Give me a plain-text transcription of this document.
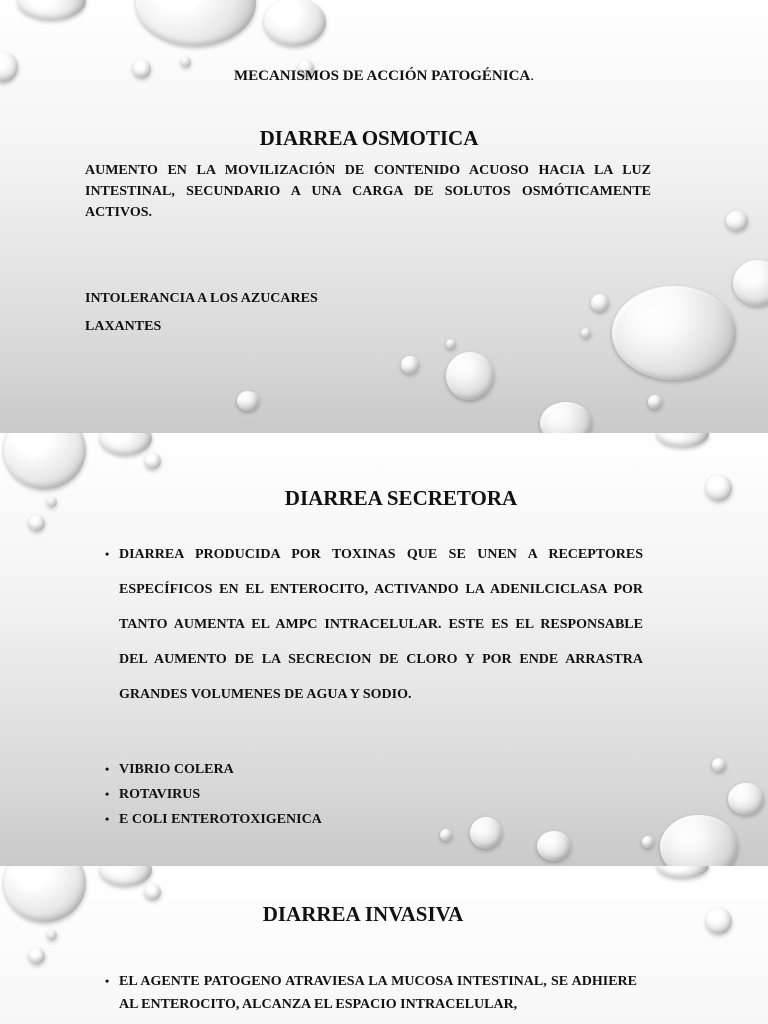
MECANISMOS DE ACCIÓN PATOGÉNICA.
DIARREA OSMOTICA
AUMENTO EN LA MOVILIZACIÓN DE CONTENIDO ACUOSO HACIA LA LUZ INTESTINAL, SECUNDARIO A UNA CARGA DE SOLUTOS OSMÓTICAMENTE ACTIVOS.
INTOLERANCIA A LOS AZUCARES
LAXANTES
DIARREA SECRETORA
• DIARREA PRODUCIDA POR TOXINAS QUE SE UNEN A RECEPTORES ESPECÍFICOS EN EL ENTEROCITO, ACTIVANDO LA ADENILCICLASA POR TANTO AUMENTA EL AMPC INTRACELULAR. ESTE ES EL RESPONSABLE DEL AUMENTO DE LA SECRECION DE CLORO Y POR ENDE ARRASTRA GRANDES VOLUMENES DE AGUA Y SODIO.
• VIBRIO COLERA
• ROTAVIRUS
• E COLI ENTEROTOXIGENICA
DIARREA INVASIVA
• EL AGENTE PATOGENO ATRAVIESA LA MUCOSA INTESTINAL, SE ADHIERE AL ENTEROCITO, ALCANZA EL ESPACIO INTRACELULAR,
